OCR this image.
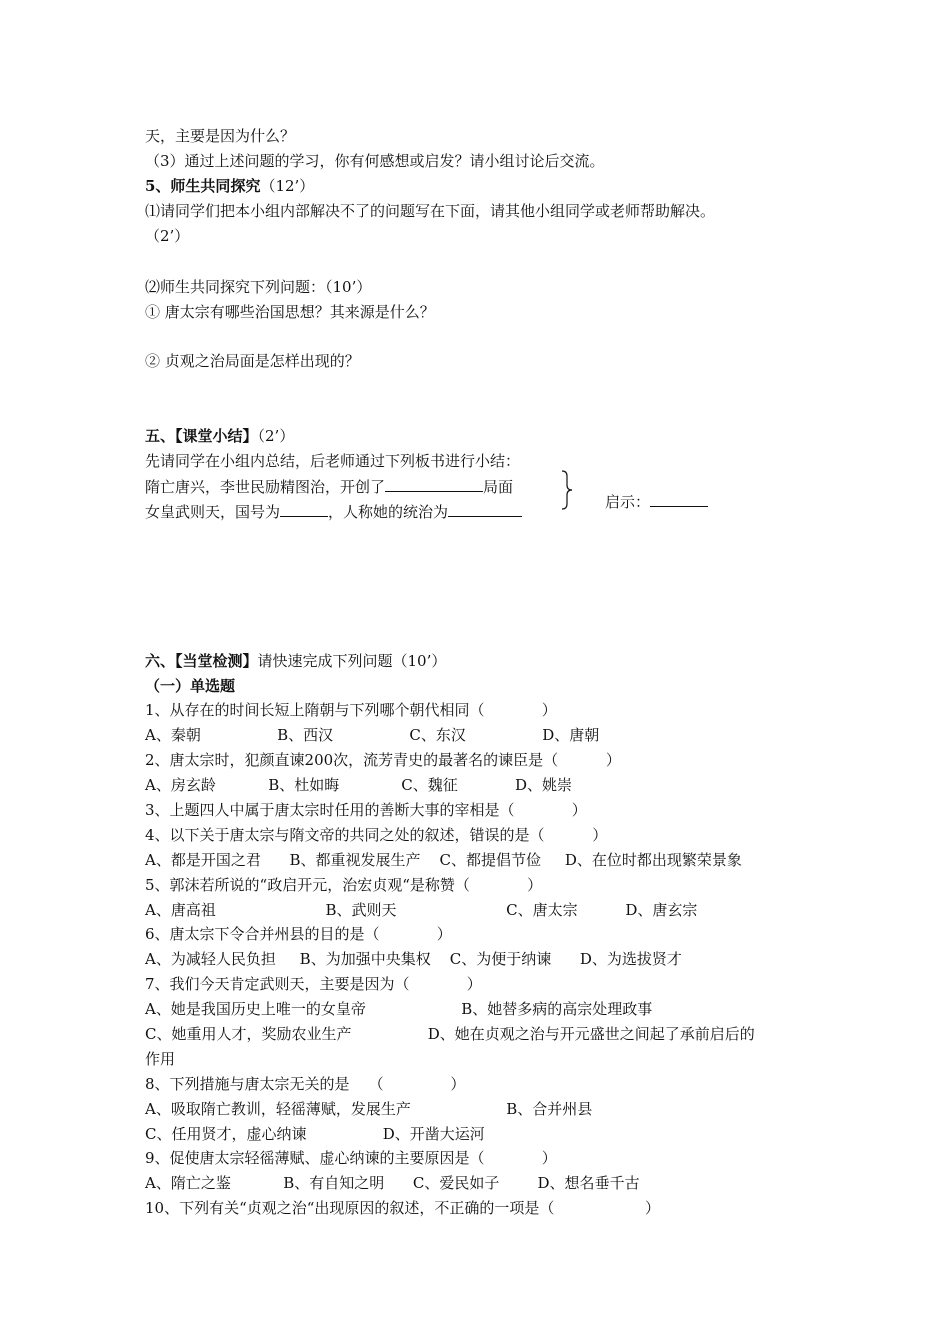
天，主要是因为什么？
（3）通过上述问题的学习，你有何感想或启发？请小组讨论后交流。
5、师生共同探究（12’）
⑴请同学们把本小组内部解决不了的问题写在下面，请其他小组同学或老师帮助解决。
（2’）
⑵师生共同探究下列问题：（10’）
① 唐太宗有哪些治国思想？其来源是什么？
② 贞观之治局面是怎样出现的？
五、【课堂小结】（2’）
先请同学在小组内总结，后老师通过下列板书进行小结：
隋亡唐兴，李世民励精图治，开创了	局面
女皇武则天，国号为	，人称她的统治为
启示：
六、【当堂检测】请快速完成下列问题（10’）
（一）单选题
1、从存在的时间长短上隋朝与下列哪个朝代相同（            ）
A、秦朝                B、西汉                C、东汉                D、唐朝
2、唐太宗时，犯颜直谏200次，流芳青史的最著名的谏臣是（          ）
A、房玄龄           B、杜如晦             C、魏征            D、姚崇
3、上题四人中属于唐太宗时任用的善断大事的宰相是（            ）
4、以下关于唐太宗与隋文帝的共同之处的叙述，错误的是（          ）
A、都是开国之君      B、都重视发展生产    C、都提倡节俭     D、在位时都出现繁荣景象
5、郭沫若所说的“政启开元，治宏贞观“是称赞（            ）
A、唐高祖                       B、武则天                       C、唐太宗          D、唐玄宗
6、唐太宗下令合并州县的目的是（            ）
A、为减轻人民负担     B、为加强中央集权    C、为便于纳谏      D、为选拔贤才
7、我们今天肯定武则天，主要是因为（            ）
A、她是我国历史上唯一的女皇帝                    B、她替多病的高宗处理政事
C、她重用人才，奖励农业生产                D、她在贞观之治与开元盛世之间起了承前启后的
作用
8、下列措施与唐太宗无关的是    （              ）
A、吸取隋亡教训，轻徭薄赋，发展生产                    B、合并州县
C、任用贤才，虚心纳谏                D、开凿大运河
9、促使唐太宗轻徭薄赋、虚心纳谏的主要原因是（            ）
A、隋亡之鉴           B、有自知之明      C、爱民如子        D、想名垂千古
10、下列有关“贞观之治“出现原因的叙述，不正确的一项是（                   ）
